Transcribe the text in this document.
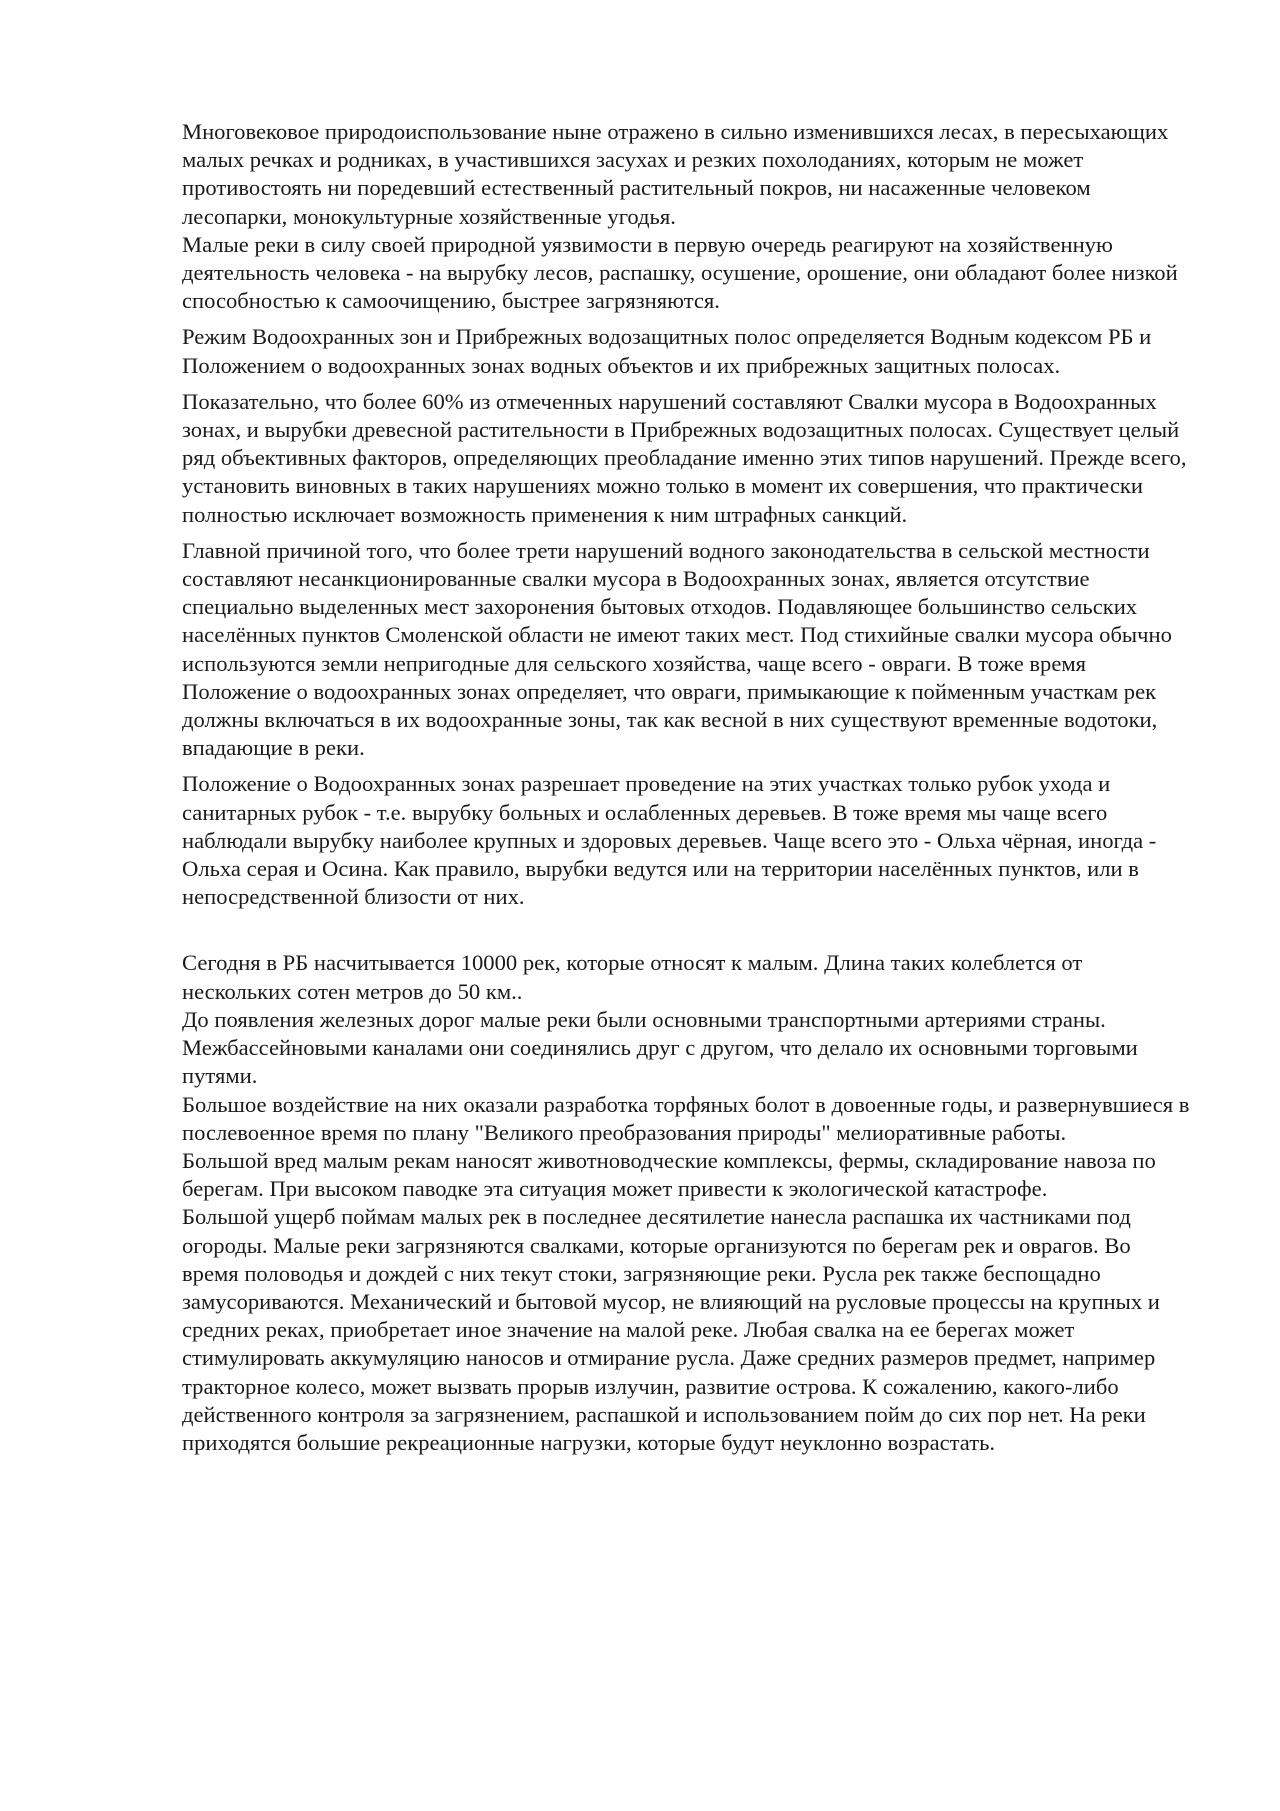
Многовековое природоиспользование ныне отражено в сильно изменившихся лесах, в пересыхающих малых речках и родниках, в участившихся засухах и резких похолоданиях, которым не может противостоять ни поредевший естественный растительный покров, ни насаженные человеком лесопарки, монокультурные хозяйственные угодья.

Малые реки в силу своей природной уязвимости в первую очередь реагируют на хозяйственную деятельность человека - на вырубку лесов, распашку, осушение, орошение, они обладают более низкой способностью к самоочищению, быстрее загрязняются.

Режим Водоохранных зон и Прибрежных водозащитных полос определяется Водным кодексом РБ и Положением о водоохранных зонах водных объектов и их прибрежных защитных полосах.

Показательно, что более 60% из отмеченных нарушений составляют Свалки мусора в Водоохранных зонах, и вырубки древесной растительности в Прибрежных водозащитных полосах. Существует целый ряд объективных факторов, определяющих преобладание именно этих типов нарушений. Прежде всего, установить виновных в таких нарушениях можно только в момент их совершения, что практически полностью исключает возможность применения к ним штрафных санкций.

Главной причиной того, что более трети нарушений водного законодательства в сельской местности составляют несанкционированные свалки мусора в Водоохранных зонах, является отсутствие специально выделенных мест захоронения бытовых отходов. Подавляющее большинство сельских населённых пунктов Смоленской области не имеют таких мест. Под стихийные свалки мусора обычно используются земли непригодные для сельского хозяйства, чаще всего - овраги. В тоже время Положение о водоохранных зонах определяет, что овраги, примыкающие к пойменным участкам рек должны включаться в их водоохранные зоны, так как весной в них существуют временные водотоки, впадающие в реки.

Положение о Водоохранных зонах разрешает проведение на этих участках только рубок ухода и санитарных рубок - т.е. вырубку больных и ослабленных деревьев. В тоже время мы чаще всего наблюдали вырубку наиболее крупных и здоровых деревьев. Чаще всего это - Ольха чёрная, иногда - Ольха серая и Осина. Как правило, вырубки ведутся или на территории населённых пунктов, или в непосредственной близости от них.

Сегодня в РБ насчитывается 10000 рек, которые относят к малым. Длина таких колеблется от нескольких сотен метров до 50 км..

До появления железных дорог малые реки были основными транспортными артериями страны. Межбассейновыми каналами они соединялись друг с другом, что делало их основными торговыми путями.

Большое воздействие на них оказали разработка торфяных болот в довоенные годы, и развернувшиеся в послевоенное время по плану "Великого преобразования природы" мелиоративные работы.

Большой вред малым рекам наносят животноводческие комплексы, фермы, складирование навоза по берегам. При высоком паводке эта ситуация может привести к экологической катастрофе.

Большой ущерб поймам малых рек в последнее десятилетие нанесла распашка их частниками под огороды. Малые реки загрязняются свалками, которые организуются по берегам рек и оврагов. Во время половодья и дождей с них текут стоки, загрязняющие реки. Русла рек также беспощадно замусориваются. Механический и бытовой мусор, не влияющий на русловые процессы на крупных и средних реках, приобретает иное значение на малой реке. Любая свалка на ее берегах может стимулировать аккумуляцию наносов и отмирание русла. Даже средних размеров предмет, например тракторное колесо, может вызвать прорыв излучин, развитие острова. К сожалению, какого-либо действенного контроля за загрязнением, распашкой и использованием пойм до сих пор нет. На реки приходятся большие рекреационные нагрузки, которые будут неуклонно возрастать.
